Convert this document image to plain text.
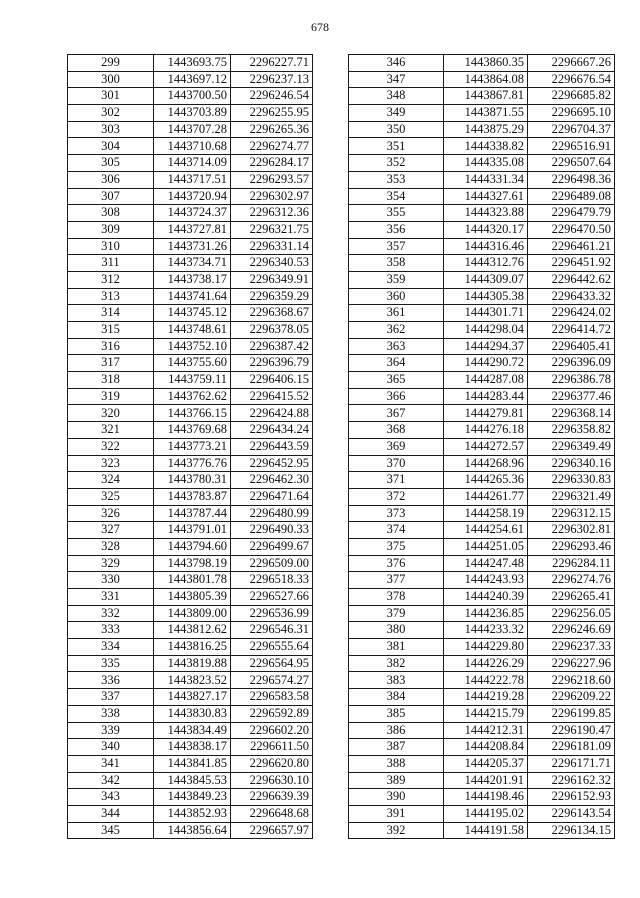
678
299	1443693.75	2296227.71
300	1443697.12	2296237.13
301	1443700.50	2296246.54
302	1443703.89	2296255.95
303	1443707.28	2296265.36
304	1443710.68	2296274.77
305	1443714.09	2296284.17
306	1443717.51	2296293.57
307	1443720.94	2296302.97
308	1443724.37	2296312.36
309	1443727.81	2296321.75
310	1443731.26	2296331.14
311	1443734.71	2296340.53
312	1443738.17	2296349.91
313	1443741.64	2296359.29
314	1443745.12	2296368.67
315	1443748.61	2296378.05
316	1443752.10	2296387.42
317	1443755.60	2296396.79
318	1443759.11	2296406.15
319	1443762.62	2296415.52
320	1443766.15	2296424.88
321	1443769.68	2296434.24
322	1443773.21	2296443.59
323	1443776.76	2296452.95
324	1443780.31	2296462.30
325	1443783.87	2296471.64
326	1443787.44	2296480.99
327	1443791.01	2296490.33
328	1443794.60	2296499.67
329	1443798.19	2296509.00
330	1443801.78	2296518.33
331	1443805.39	2296527.66
332	1443809.00	2296536.99
333	1443812.62	2296546.31
334	1443816.25	2296555.64
335	1443819.88	2296564.95
336	1443823.52	2296574.27
337	1443827.17	2296583.58
338	1443830.83	2296592.89
339	1443834.49	2296602.20
340	1443838.17	2296611.50
341	1443841.85	2296620.80
342	1443845.53	2296630.10
343	1443849.23	2296639.39
344	1443852.93	2296648.68
345	1443856.64	2296657.97
346	1443860.35	2296667.26
347	1443864.08	2296676.54
348	1443867.81	2296685.82
349	1443871.55	2296695.10
350	1443875.29	2296704.37
351	1444338.82	2296516.91
352	1444335.08	2296507.64
353	1444331.34	2296498.36
354	1444327.61	2296489.08
355	1444323.88	2296479.79
356	1444320.17	2296470.50
357	1444316.46	2296461.21
358	1444312.76	2296451.92
359	1444309.07	2296442.62
360	1444305.38	2296433.32
361	1444301.71	2296424.02
362	1444298.04	2296414.72
363	1444294.37	2296405.41
364	1444290.72	2296396.09
365	1444287.08	2296386.78
366	1444283.44	2296377.46
367	1444279.81	2296368.14
368	1444276.18	2296358.82
369	1444272.57	2296349.49
370	1444268.96	2296340.16
371	1444265.36	2296330.83
372	1444261.77	2296321.49
373	1444258.19	2296312.15
374	1444254.61	2296302.81
375	1444251.05	2296293.46
376	1444247.48	2296284.11
377	1444243.93	2296274.76
378	1444240.39	2296265.41
379	1444236.85	2296256.05
380	1444233.32	2296246.69
381	1444229.80	2296237.33
382	1444226.29	2296227.96
383	1444222.78	2296218.60
384	1444219.28	2296209.22
385	1444215.79	2296199.85
386	1444212.31	2296190.47
387	1444208.84	2296181.09
388	1444205.37	2296171.71
389	1444201.91	2296162.32
390	1444198.46	2296152.93
391	1444195.02	2296143.54
392	1444191.58	2296134.15
